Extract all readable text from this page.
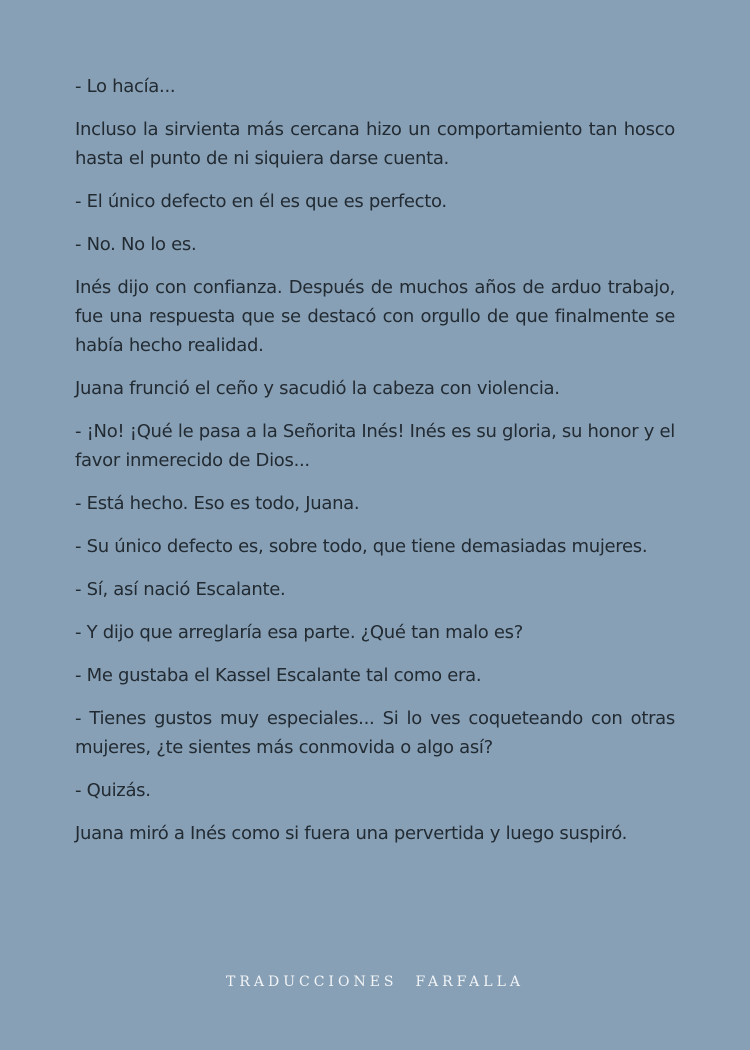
- Lo hacía...

Incluso la sirvienta más cercana hizo un comportamiento tan hosco hasta el punto de ni siquiera darse cuenta.

- El único defecto en él es que es perfecto.

- No. No lo es.

Inés dijo con confianza. Después de muchos años de arduo trabajo, fue una respuesta que se destacó con orgullo de que finalmente se había hecho realidad.

Juana frunció el ceño y sacudió la cabeza con violencia.

- ¡No! ¡Qué le pasa a la Señorita Inés! Inés es su gloria, su honor y el favor inmerecido de Dios...

- Está hecho. Eso es todo, Juana.

- Su único defecto es, sobre todo, que tiene demasiadas mujeres.

- Sí, así nació Escalante.

- Y dijo que arreglaría esa parte. ¿Qué tan malo es?

- Me gustaba el Kassel Escalante tal como era.

- Tienes gustos muy especiales... Si lo ves coqueteando con otras mujeres, ¿te sientes más conmovida o algo así?

- Quizás.

Juana miró a Inés como si fuera una pervertida y luego suspiró.

TRADUCCIONES FARFALLA
